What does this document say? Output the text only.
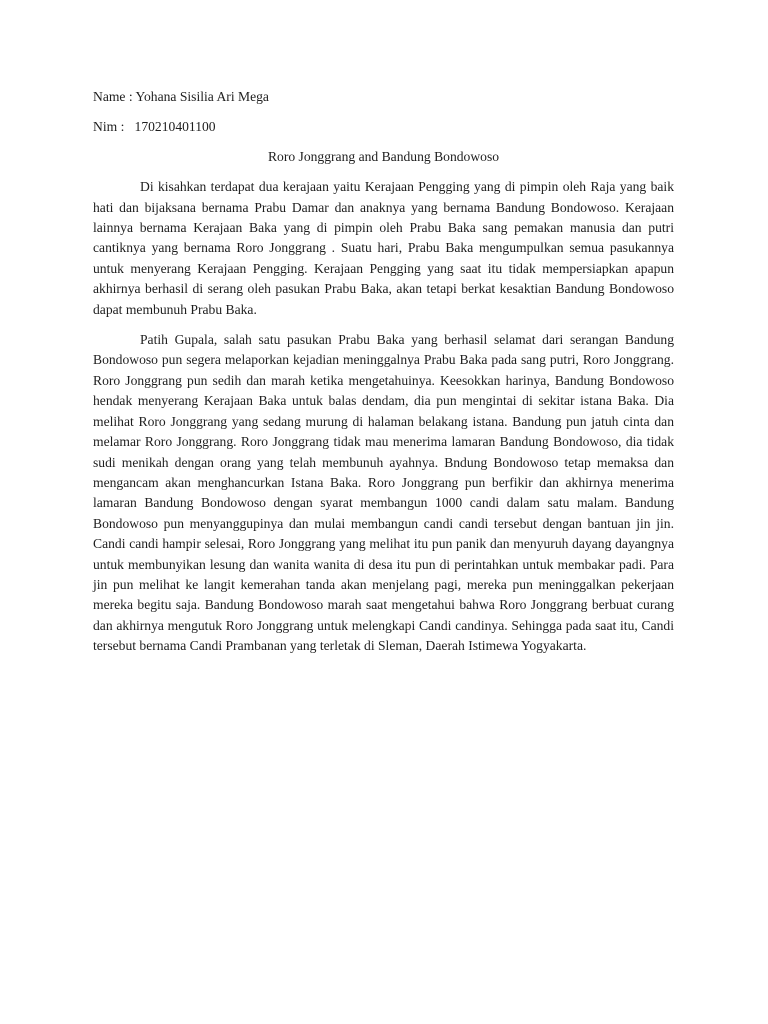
Name : Yohana Sisilia Ari Mega

Nim :   170210401100

Roro Jonggrang and Bandung Bondowoso

Di kisahkan terdapat dua kerajaan yaitu Kerajaan Pengging yang di pimpin oleh Raja yang baik hati dan bijaksana bernama Prabu Damar dan anaknya yang bernama Bandung Bondowoso. Kerajaan lainnya bernama Kerajaan Baka yang di pimpin oleh Prabu Baka sang pemakan manusia dan putri cantiknya yang bernama Roro Jonggrang . Suatu hari, Prabu Baka mengumpulkan semua pasukannya untuk menyerang Kerajaan Pengging. Kerajaan Pengging yang saat itu tidak mempersiapkan apapun akhirnya berhasil di serang oleh pasukan Prabu Baka, akan tetapi berkat kesaktian Bandung Bondowoso dapat membunuh Prabu Baka.

Patih Gupala, salah satu pasukan Prabu Baka yang berhasil selamat dari serangan Bandung Bondowoso pun segera melaporkan kejadian meninggalnya Prabu Baka pada sang putri, Roro Jonggrang. Roro Jonggrang pun sedih dan marah ketika mengetahuinya. Keesokkan harinya, Bandung Bondowoso hendak menyerang Kerajaan Baka untuk balas dendam, dia pun mengintai di sekitar istana Baka. Dia melihat Roro Jonggrang yang sedang murung di halaman belakang istana. Bandung pun jatuh cinta dan melamar Roro Jonggrang. Roro Jonggrang tidak mau menerima lamaran Bandung Bondowoso, dia tidak sudi menikah dengan orang yang telah membunuh ayahnya. Bndung Bondowoso tetap memaksa dan mengancam akan menghancurkan Istana Baka. Roro Jonggrang pun berfikir dan akhirnya menerima lamaran Bandung Bondowoso dengan syarat membangun 1000 candi dalam satu malam. Bandung Bondowoso pun menyanggupinya dan mulai membangun candi candi tersebut dengan bantuan jin jin. Candi candi hampir selesai, Roro Jonggrang yang melihat itu pun panik dan menyuruh dayang dayangnya untuk membunyikan lesung dan wanita wanita di desa itu pun di perintahkan untuk membakar padi. Para jin pun melihat ke langit kemerahan tanda akan menjelang pagi, mereka pun meninggalkan pekerjaan mereka begitu saja. Bandung Bondowoso marah saat mengetahui bahwa Roro Jonggrang berbuat curang dan akhirnya mengutuk Roro Jonggrang untuk melengkapi Candi candinya. Sehingga pada saat itu, Candi tersebut bernama Candi Prambanan yang terletak di Sleman, Daerah Istimewa Yogyakarta.
